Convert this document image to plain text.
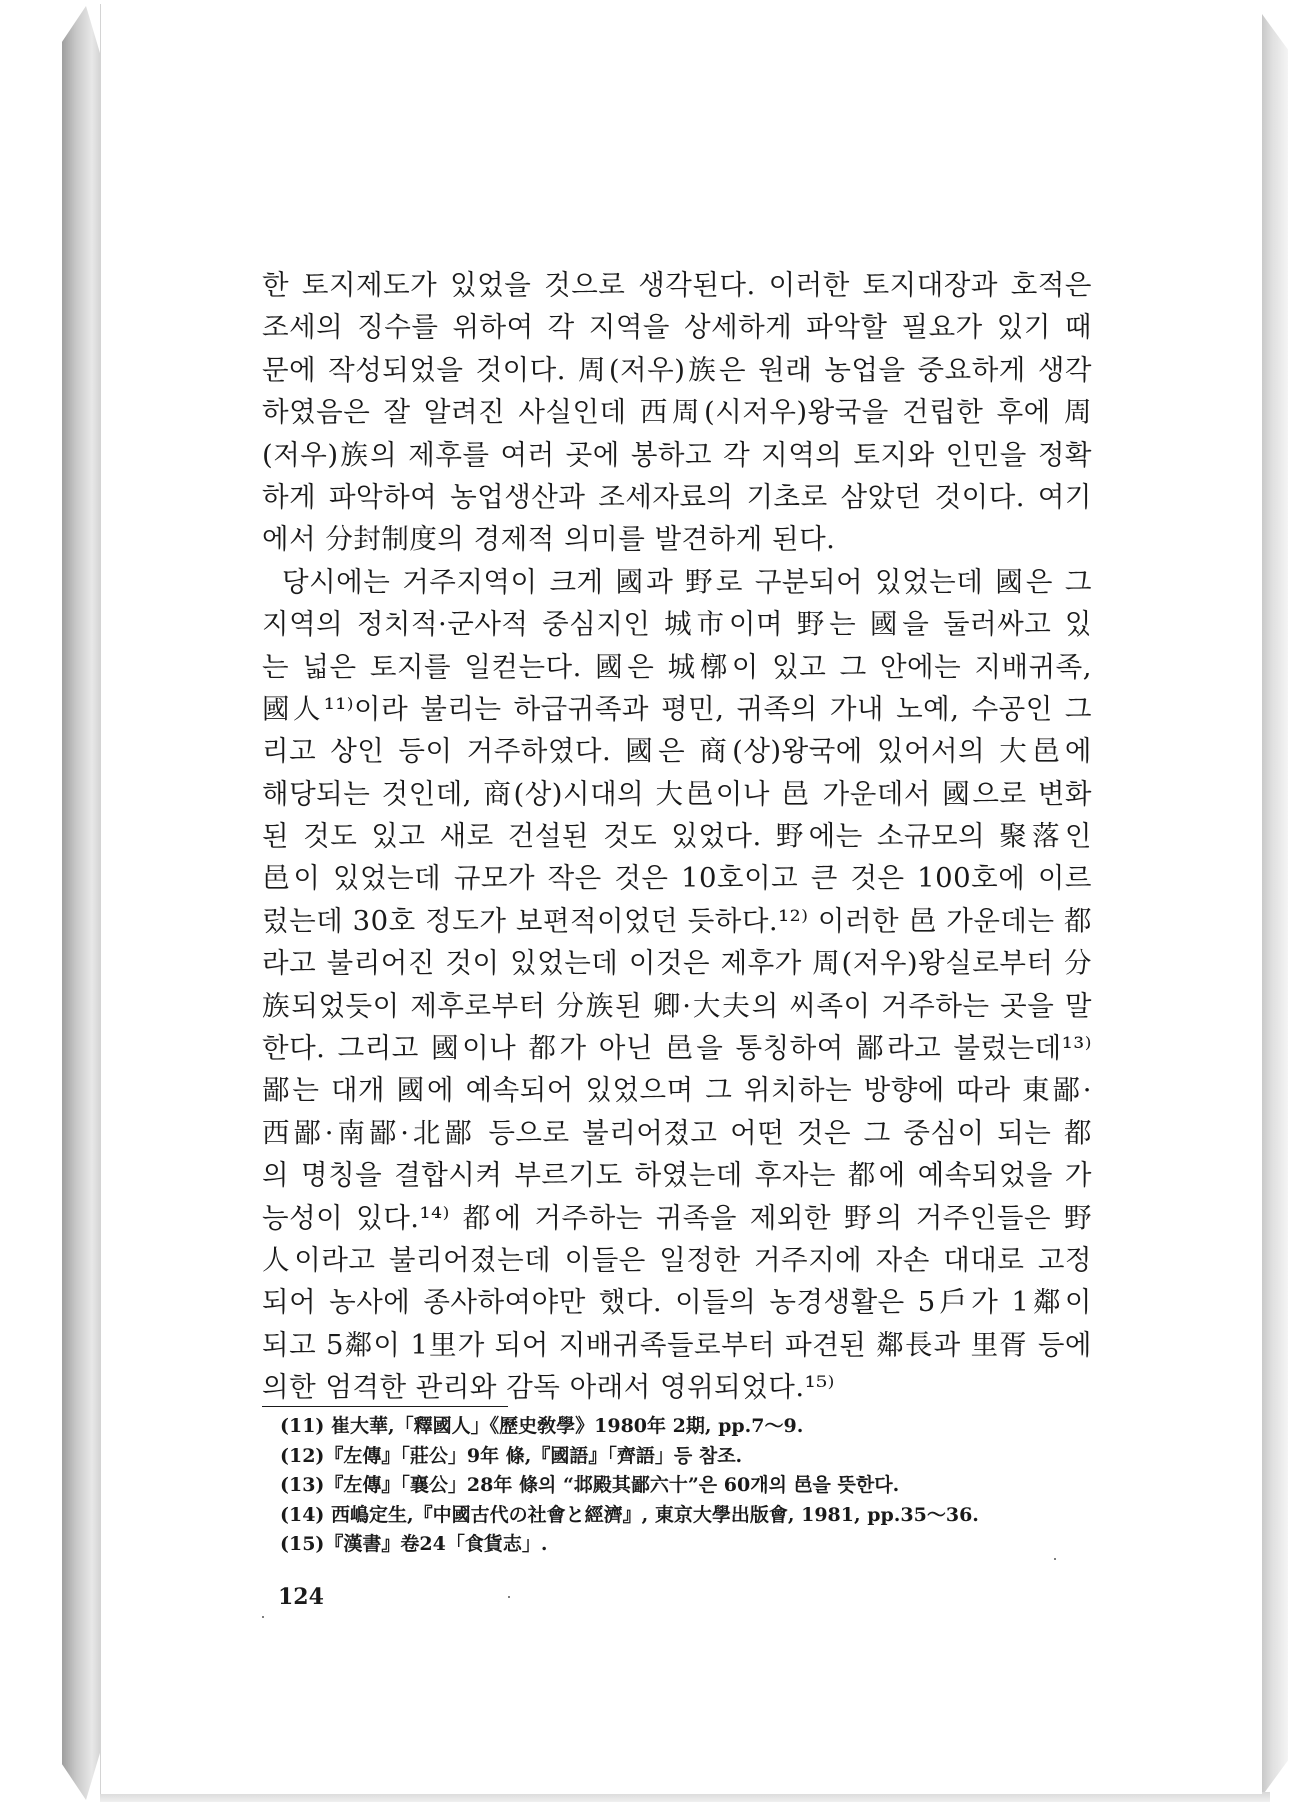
한 토지제도가 있었을 것으로 생각된다. 이러한 토지대장과 호적은
조세의 징수를 위하여 각 지역을 상세하게 파악할 필요가 있기 때
문에 작성되었을 것이다. 周(저우)族은 원래 농업을 중요하게 생각
하였음은 잘 알려진 사실인데 西周(시저우)왕국을 건립한 후에 周
(저우)族의 제후를 여러 곳에 봉하고 각 지역의 토지와 인민을 정확
하게 파악하여 농업생산과 조세자료의 기초로 삼았던 것이다. 여기
에서 分封制度의 경제적 의미를 발견하게 된다.
당시에는 거주지역이 크게 國과 野로 구분되어 있었는데 國은 그
지역의 정치적·군사적 중심지인 城市이며 野는 國을 둘러싸고 있
는 넓은 토지를 일컫는다. 國은 城槨이 있고 그 안에는 지배귀족,
國人¹¹⁾이라 불리는 하급귀족과 평민, 귀족의 가내 노예, 수공인 그
리고 상인 등이 거주하였다. 國은 商(상)왕국에 있어서의 大邑에
해당되는 것인데, 商(상)시대의 大邑이나 邑 가운데서 國으로 변화
된 것도 있고 새로 건설된 것도 있었다. 野에는 소규모의 聚落인
邑이 있었는데 규모가 작은 것은 10호이고 큰 것은 100호에 이르
렀는데 30호 정도가 보편적이었던 듯하다.¹²⁾ 이러한 邑 가운데는 都
라고 불리어진 것이 있었는데 이것은 제후가 周(저우)왕실로부터 分
族되었듯이 제후로부터 分族된 卿·大夫의 씨족이 거주하는 곳을 말
한다. 그리고 國이나 都가 아닌 邑을 통칭하여 鄙라고 불렀는데¹³⁾
鄙는 대개 國에 예속되어 있었으며 그 위치하는 방향에 따라 東鄙·
西鄙·南鄙·北鄙 등으로 불리어졌고 어떤 것은 그 중심이 되는 都
의 명칭을 결합시켜 부르기도 하였는데 후자는 都에 예속되었을 가
능성이 있다.¹⁴⁾ 都에 거주하는 귀족을 제외한 野의 거주인들은 野
人이라고 불리어졌는데 이들은 일정한 거주지에 자손 대대로 고정
되어 농사에 종사하여야만 했다. 이들의 농경생활은 5戶가 1鄰이
되고 5鄰이 1里가 되어 지배귀족들로부터 파견된 鄰長과 里胥 등에
의한 엄격한 관리와 감독 아래서 영위되었다.¹⁵⁾
(11) 崔大華,「釋國人」《歷史敎學》1980年 2期, pp.7～9.
(12)『左傳』「莊公」9年 條,『國語』「齊語」등 참조.
(13)『左傳』「襄公」28年 條의 “邶殿其鄙六十”은 60개의 邑을 뜻한다.
(14) 西嶋定生,『中國古代の社會と經濟』, 東京大學出版會, 1981, pp.35～36.
(15)『漢書』卷24「食貨志」.
124
